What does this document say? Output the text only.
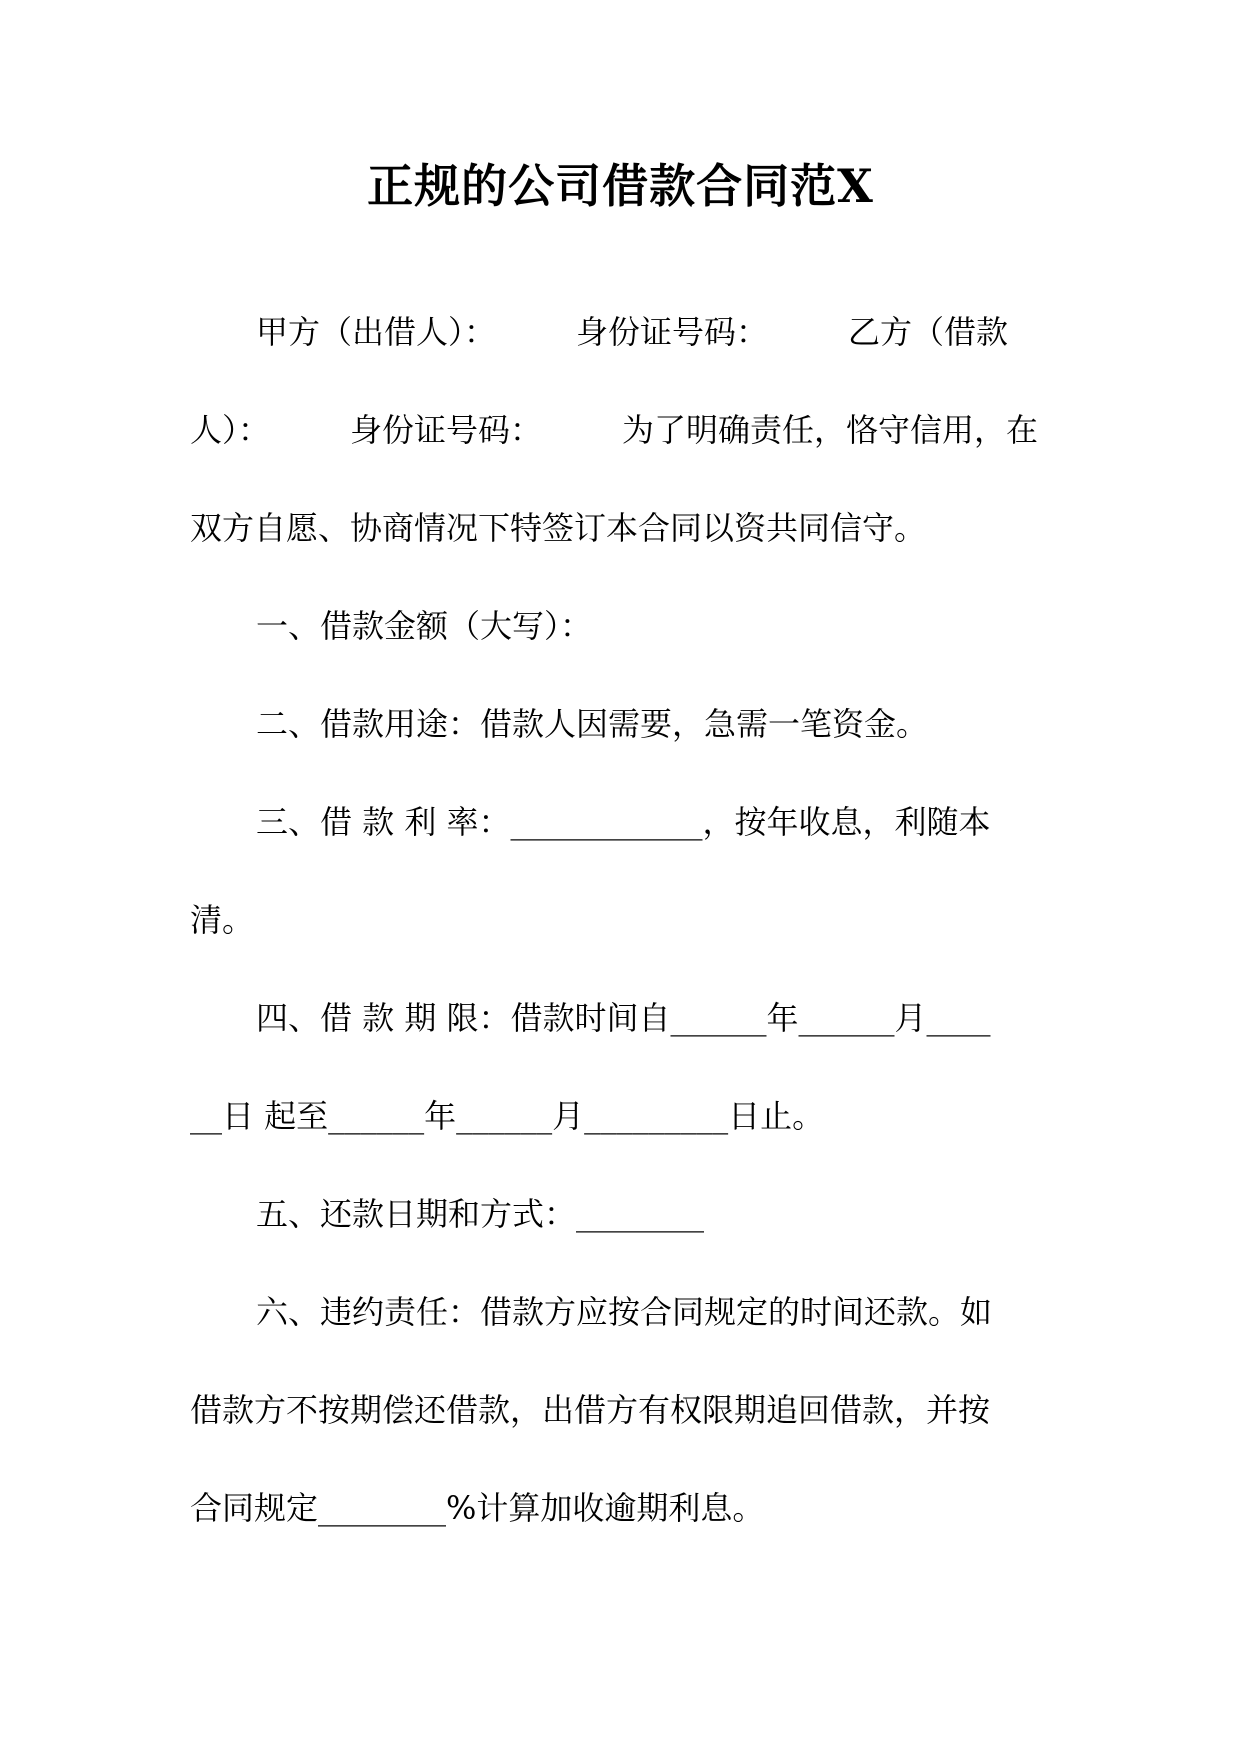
正规的公司借款合同范X
甲方（出借人）：　　　身份证号码：　　　乙方（借款
人）：　　　身份证号码：　　　为了明确责任，恪守信用，在
双方自愿、协商情况下特签订本合同以资共同信守。
一、借款金额（大写）：
二、借款用途：借款人因需要，急需一笔资金。
三、借 款 利 率：____________，按年收息，利随本
清。
四、借 款 期 限：借款时间自______年______月____
__日 起至______年______月_________日止。
五、还款日期和方式：________
六、违约责任：借款方应按合同规定的时间还款。如
借款方不按期偿还借款，出借方有权限期追回借款，并按
合同规定________%计算加收逾期利息。
